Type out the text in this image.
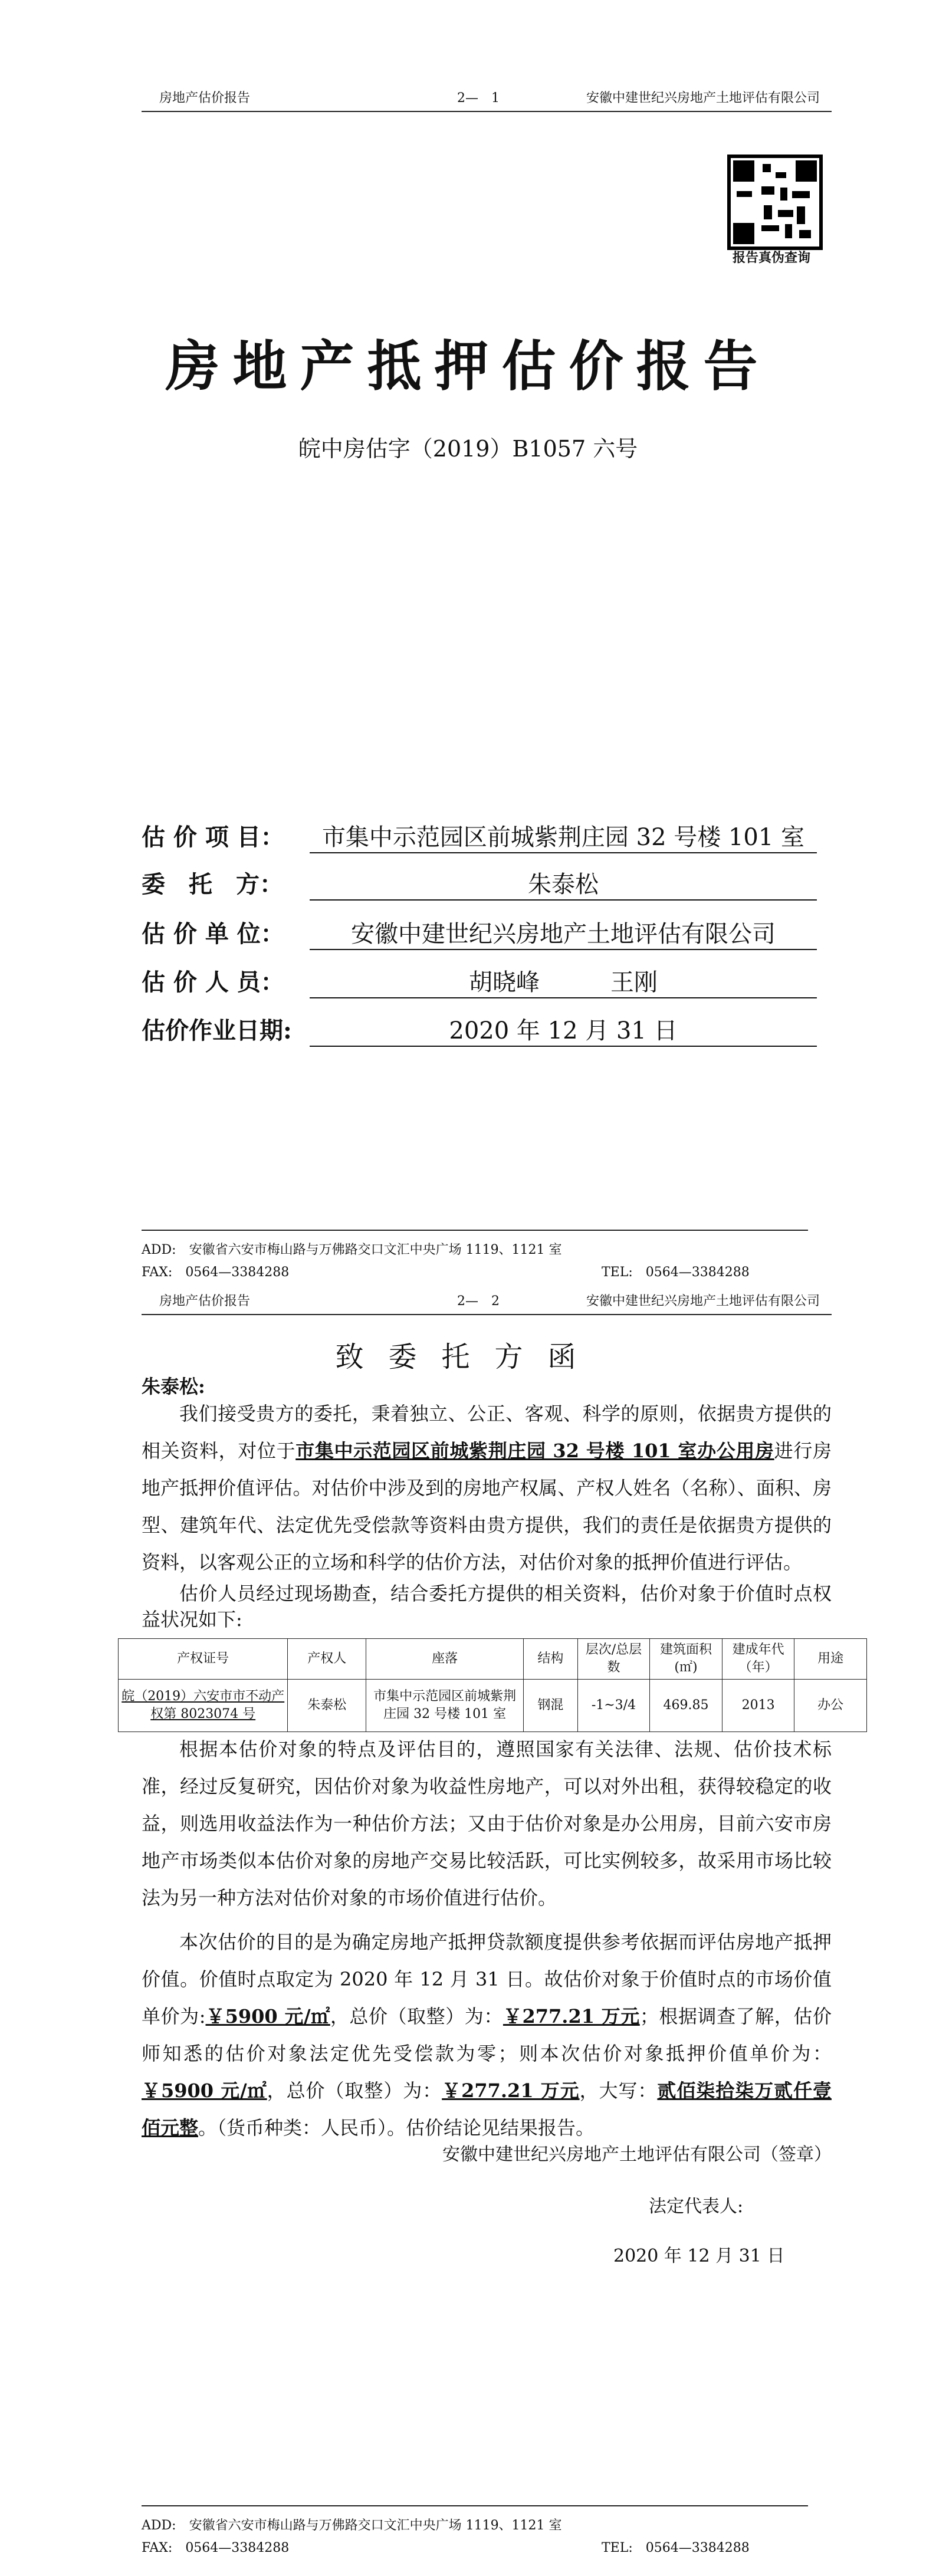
房地产估价报告	2—　1	安徽中建世纪兴房地产土地评估有限公司
报告真伪查询
房地产抵押估价报告
皖中房估字（2019）B1057 六号
估 价 项 目：	市集中示范园区前城紫荆庄园 32 号楼 101 室
委　托　方：	朱泰松
估 价 单 位：	安徽中建世纪兴房地产土地评估有限公司
估 价 人 员：	胡晓峰　　　王刚
估价作业日期:	2020 年 12 月 31 日
ADD:　安徽省六安市梅山路与万佛路交口文汇中央广场 1119、1121 室
FAX:　0564—3384288	TEL:　0564—3384288
房地产估价报告	2—　2	安徽中建世纪兴房地产土地评估有限公司
致委托方函
朱泰松:
我们接受贵方的委托，秉着独立、公正、客观、科学的原则，依据贵方提供的相关资料，对位于市集中示范园区前城紫荆庄园 32 号楼 101 室办公用房进行房地产抵押价值评估。对估价中涉及到的房地产权属、产权人姓名（名称）、面积、房型、建筑年代、法定优先受偿款等资料由贵方提供，我们的责任是依据贵方提供的资料，以客观公正的立场和科学的估价方法，对估价对象的抵押价值进行评估。
估价人员经过现场勘查，结合委托方提供的相关资料，估价对象于价值时点权益状况如下:
产权证号	产权人	座落	结构	层次/总层数	建筑面积(㎡)	建成年代（年）	用途
皖（2019）六安市市不动产权第 8023074 号	朱泰松	市集中示范园区前城紫荆庄园 32 号楼 101 室	钢混	-1~3/4	469.85	2013	办公
根据本估价对象的特点及评估目的，遵照国家有关法律、法规、估价技术标准，经过反复研究，因估价对象为收益性房地产，可以对外出租，获得较稳定的收益，则选用收益法作为一种估价方法；又由于估价对象是办公用房，目前六安市房地产市场类似本估价对象的房地产交易比较活跃，可比实例较多，故采用市场比较法为另一种方法对估价对象的市场价值进行估价。
本次估价的目的是为确定房地产抵押贷款额度提供参考依据而评估房地产抵押价值。价值时点取定为 2020 年 12 月 31 日。故估价对象于价值时点的市场价值单价为:￥5900 元/㎡，总价（取整）为：￥277.21 万元；根据调查了解，估价师知悉的估价对象法定优先受偿款为零；则本次估价对象抵押价值单价为：￥5900 元/㎡，总价（取整）为：￥277.21 万元，大写：贰佰柒拾柒万贰仟壹佰元整。（货币种类：人民币）。估价结论见结果报告。
安徽中建世纪兴房地产土地评估有限公司（签章）
法定代表人:
2020 年 12 月 31 日
ADD:　安徽省六安市梅山路与万佛路交口文汇中央广场 1119、1121 室
FAX:　0564—3384288	TEL:　0564—3384288
